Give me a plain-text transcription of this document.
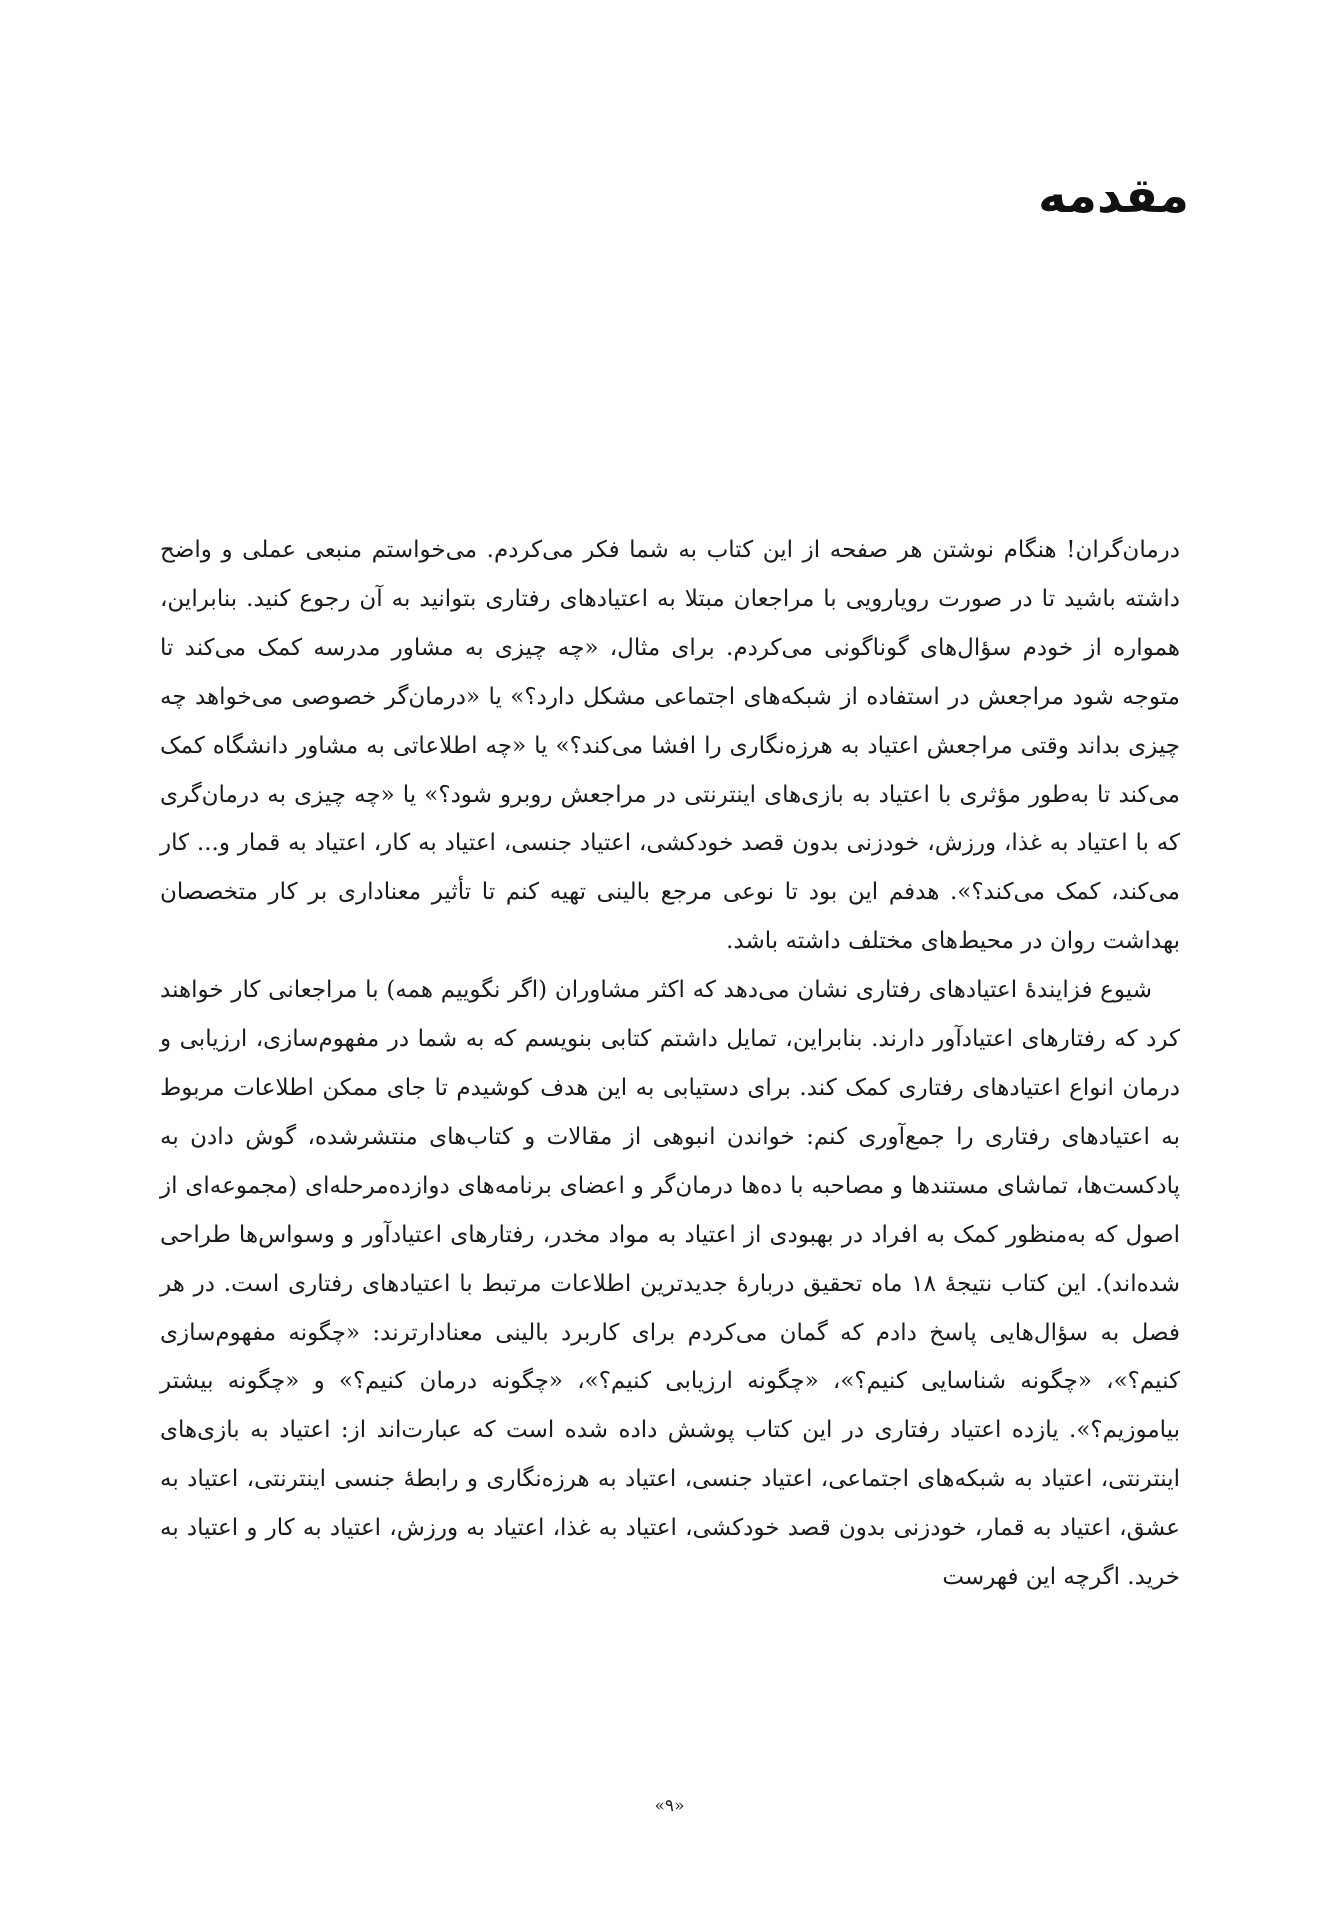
مقدمه

درمان‌گران! هنگام نوشتن هر صفحه از این کتاب به شما فکر می‌کردم. می‌خواستم منبعی عملی و واضح داشته باشید تا در صورت رویارویی با مراجعان مبتلا به اعتیادهای رفتاری بتوانید به آن رجوع کنید. بنابراین، همواره از خودم سؤال‌های گوناگونی می‌کردم. برای مثال، «چه چیزی به مشاور مدرسه کمک می‌کند تا متوجه شود مراجعش در استفاده از شبکه‌های اجتماعی مشکل دارد؟» یا «درمان‌گر خصوصی می‌خواهد چه چیزی بداند وقتی مراجعش اعتیاد به هرزه‌نگاری را افشا می‌کند؟» یا «چه اطلاعاتی به مشاور دانشگاه کمک می‌کند تا به‌طور مؤثری با اعتیاد به بازی‌های اینترنتی در مراجعش روبرو شود؟» یا «چه چیزی به درمان‌گری که با اعتیاد به غذا، ورزش، خودزنی بدون قصد خودکشی، اعتیاد جنسی، اعتیاد به کار، اعتیاد به قمار و... کار می‌کند، کمک می‌کند؟». هدفم این بود تا نوعی مرجع بالینی تهیه کنم تا تأثیر معناداری بر کار متخصصان بهداشت روان در محیط‌های مختلف داشته باشد.

شیوع فزایندهٔ اعتیادهای رفتاری نشان می‌دهد که اکثر مشاوران (اگر نگوییم همه) با مراجعانی کار خواهند کرد که رفتارهای اعتیادآور دارند. بنابراین، تمایل داشتم کتابی بنویسم که به شما در مفهوم‌سازی، ارزیابی و درمان انواع اعتیادهای رفتاری کمک کند. برای دستیابی به این هدف کوشیدم تا جای ممکن اطلاعات مربوط به اعتیادهای رفتاری را جمع‌آوری کنم: خواندن انبوهی از مقالات و کتاب‌های منتشرشده، گوش دادن به پادکست‌ها، تماشای مستندها و مصاحبه با ده‌ها درمان‌گر و اعضای برنامه‌های دوازده‌مرحله‌ای (مجموعه‌ای از اصول که به‌منظور کمک به افراد در بهبودی از اعتیاد به مواد مخدر، رفتارهای اعتیادآور و وسواس‌ها طراحی شده‌اند). این کتاب نتیجهٔ ۱۸ ماه تحقیق دربارهٔ جدیدترین اطلاعات مرتبط با اعتیادهای رفتاری است. در هر فصل به سؤال‌هایی پاسخ دادم که گمان می‌کردم برای کاربرد بالینی معنادارترند: «چگونه مفهوم‌سازی کنیم؟»، «چگونه شناسایی کنیم؟»، «چگونه ارزیابی کنیم؟»، «چگونه درمان کنیم؟» و «چگونه بیشتر بیاموزیم؟». یازده اعتیاد رفتاری در این کتاب پوشش داده شده است که عبارت‌اند از: اعتیاد به بازی‌های اینترنتی، اعتیاد به شبکه‌های اجتماعی، اعتیاد جنسی، اعتیاد به هرزه‌نگاری و رابطهٔ جنسی اینترنتی، اعتیاد به عشق، اعتیاد به قمار، خودزنی بدون قصد خودکشی، اعتیاد به غذا، اعتیاد به ورزش، اعتیاد به کار و اعتیاد به خرید. اگرچه این فهرست

«۹»
